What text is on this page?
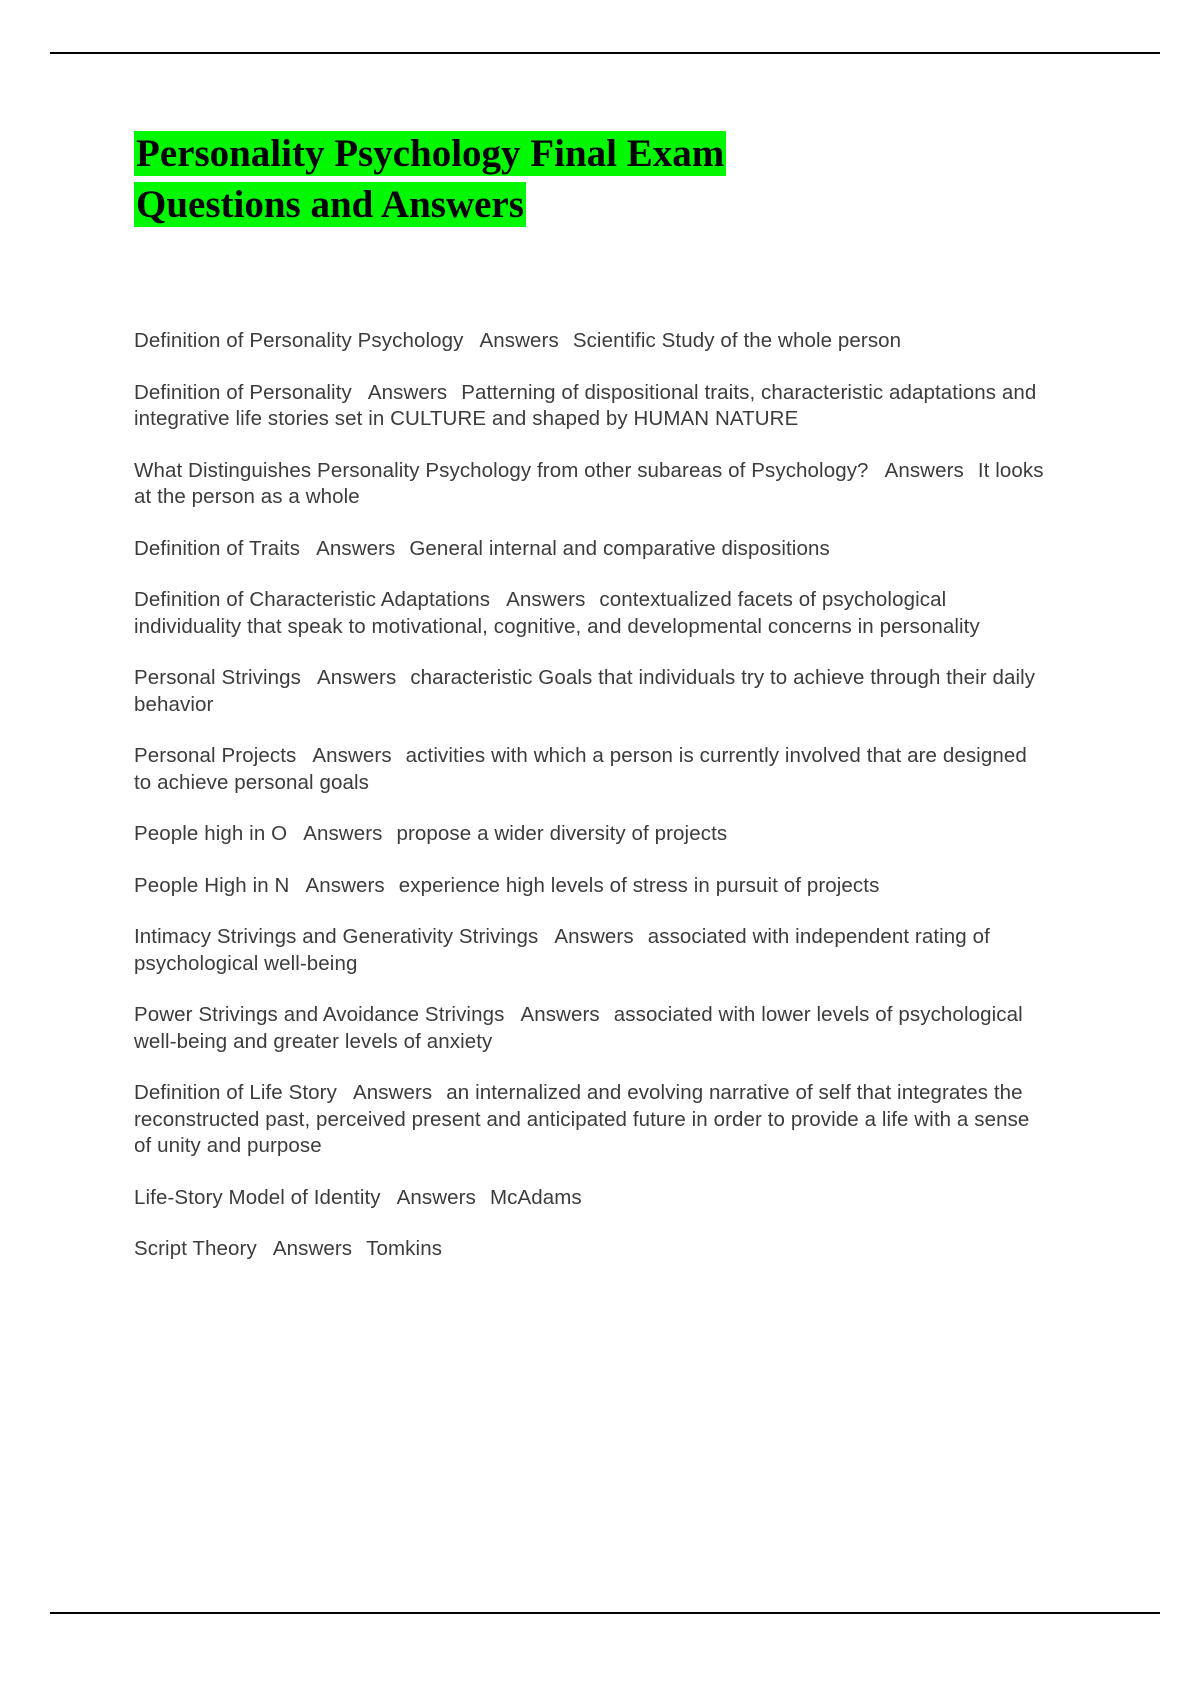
Personality Psychology Final Exam
Questions and Answers

Definition of Personality Psychology Answers Scientific Study of the whole person

Definition of Personality Answers Patterning of dispositional traits, characteristic adaptations and integrative life stories set in CULTURE and shaped by HUMAN NATURE

What Distinguishes Personality Psychology from other subareas of Psychology? Answers It looks at the person as a whole

Definition of Traits Answers General internal and comparative dispositions

Definition of Characteristic Adaptations Answers contextualized facets of psychological individuality that speak to motivational, cognitive, and developmental concerns in personality

Personal Strivings Answers characteristic Goals that individuals try to achieve through their daily behavior

Personal Projects Answers activities with which a person is currently involved that are designed to achieve personal goals

People high in O Answers propose a wider diversity of projects

People High in N Answers experience high levels of stress in pursuit of projects

Intimacy Strivings and Generativity Strivings Answers associated with independent rating of psychological well-being

Power Strivings and Avoidance Strivings Answers associated with lower levels of psychological well-being and greater levels of anxiety

Definition of Life Story Answers an internalized and evolving narrative of self that integrates the reconstructed past, perceived present and anticipated future in order to provide a life with a sense of unity and purpose

Life-Story Model of Identity Answers McAdams

Script Theory Answers Tomkins
